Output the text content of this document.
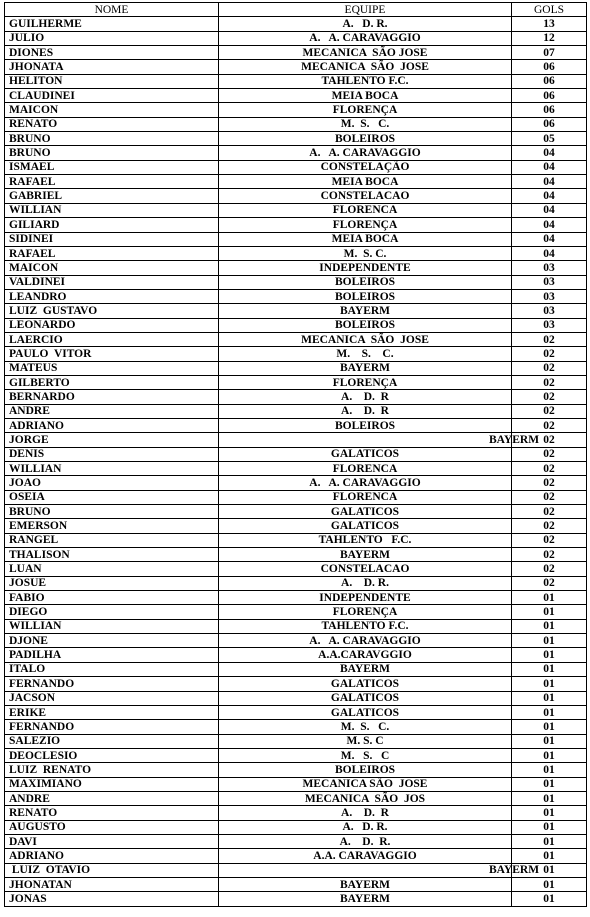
NOME	EQUIPE	GOLS
GUILHERME	A.   D. R.	13
JULIO	A.   A. CARAVAGGIO	12
DIONES	MECANICA  SÃO JOSE	07
JHONATA	MECANICA  SÃO  JOSE	06
HELITON	TAHLENTO F.C.	06
CLAUDINEI	MEIA BOCA	06
MAICON	FLORENÇA	06
RENATO	M.  S.   C.	06
BRUNO	BOLEIROS	05
BRUNO	A.   A. CARAVAGGIO	04
ISMAEL	CONSTELAÇÃO	04
RAFAEL	MEIA BOCA	04
GABRIEL	CONSTELACAO	04
WILLIAN	FLORENCA	04
GILIARD	FLORENÇA	04
SIDINEI	MEIA BOCA	04
RAFAEL	M.  S. C.	04
MAICON	INDEPENDENTE	03
VALDINEI	BOLEIROS	03
LEANDRO	BOLEIROS	03
LUIZ  GUSTAVO	BAYERM	03
LEONARDO	BOLEIROS	03
LAERCIO	MECANICA  SÃO  JOSE	02
PAULO  VITOR	M.    S.    C.	02
MATEUS	BAYERM	02
GILBERTO	FLORENÇA	02
BERNARDO	A.    D.  R	02
ANDRE	A.    D.  R	02
ADRIANO	BOLEIROS	02
JORGE	BAYERM	02
DENIS	GALATICOS	02
WILLIAN	FLORENCA	02
JOAO	A.   A. CARAVAGGIO	02
OSEIA	FLORENCA	02
BRUNO	GALATICOS	02
EMERSON	GALATICOS	02
RANGEL	TAHLENTO   F.C.	02
THALISON	BAYERM	02
LUAN	CONSTELACAO	02
JOSUE	A.    D. R.	02
FABIO	INDEPENDENTE	01
DIEGO	FLORENÇA	01
WILLIAN	TAHLENTO F.C.	01
DJONE	A.   A. CARAVAGGIO	01
PADILHA	A.A.CARAVGGIO	01
ITALO	BAYERM	01
FERNANDO	GALATICOS	01
JACSON	GALATICOS	01
ERIKE	GALATICOS	01
FERNANDO	M.  S.   C.	01
SALEZIO	M. S. C	01
DEOCLESIO	M.   S.   C	01
LUIZ  RENATO	BOLEIROS	01
MAXIMIANO	MECANICA SÃO  JOSE	01
ANDRE	MECANICA  SÃO  JOS	01
RENATO	A.    D.  R	01
AUGUSTO	A.   D. R.	01
DAVI	A.    D.  R.	01
ADRIANO	A.A. CARAVAGGIO	01
LUIZ  OTAVIO	BAYERM	01
JHONATAN	BAYERM	01
JONAS	BAYERM	01
